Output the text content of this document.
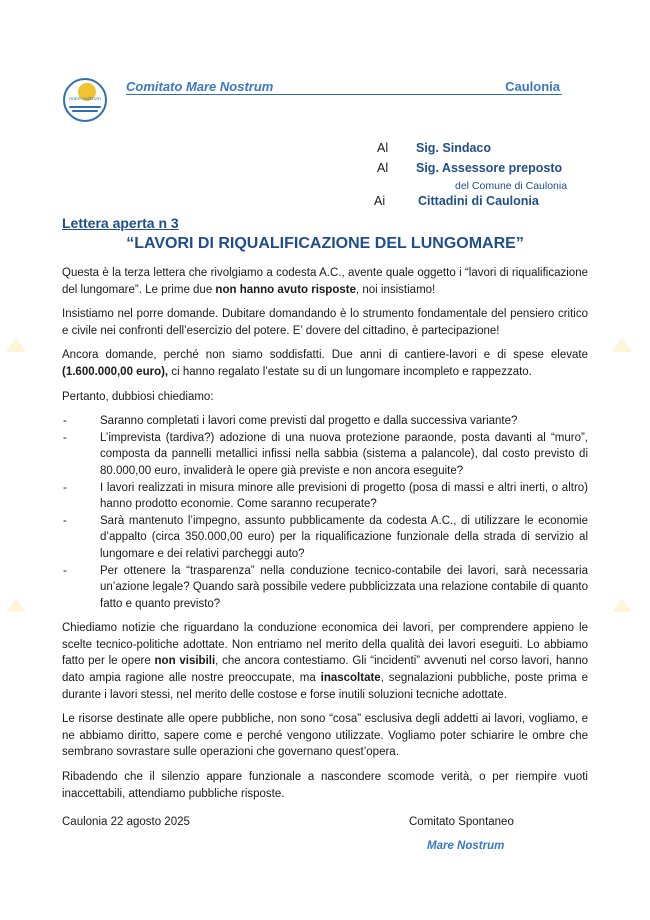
mare nostrum
Comitato Mare Nostrum	Caulonia
Al Sig. Sindaco
Al Sig. Assessore preposto
del Comune di Caulonia
Ai	Cittadini di Caulonia
Lettera aperta n 3
“LAVORI DI RIQUALIFICAZIONE DEL LUNGOMARE”

Questa è la terza lettera che rivolgiamo a codesta A.C., avente quale oggetto i “lavori di riqualificazione del lungomare”. Le prime due non hanno avuto risposte, noi insistiamo!

Insistiamo nel porre domande. Dubitare domandando è lo strumento fondamentale del pensiero critico e civile nei confronti dell’esercizio del potere. E’ dovere del cittadino, è partecipazione!

Ancora domande, perché non siamo soddisfatti. Due anni di cantiere-lavori e di spese elevate (1.600.000,00 euro), ci hanno regalato l’estate su di un lungomare incompleto e rappezzato.

Pertanto, dubbiosi chiediamo:

- Saranno completati i lavori come previsti dal progetto e dalla successiva variante?
- L’imprevista (tardiva?) adozione di una nuova protezione paraonde, posta davanti al “muro”, composta da pannelli metallici infissi nella sabbia (sistema a palancole), dal costo previsto di 80.000,00 euro, invaliderà le opere già previste e non ancora eseguite?
- I lavori realizzati in misura minore alle previsioni di progetto (posa di massi e altri inerti, o altro) hanno prodotto economie. Come saranno recuperate?
- Sarà mantenuto l’impegno, assunto pubblicamente da codesta A.C., di utilizzare le economie d’appalto (circa 350.000,00 euro) per la riqualificazione funzionale della strada di servizio al lungomare e dei relativi parcheggi auto?
- Per ottenere la “trasparenza” nella conduzione tecnico-contabile dei lavori, sarà necessaria un’azione legale? Quando sarà possibile vedere pubblicizzata una relazione contabile di quanto fatto e quanto previsto?

Chiediamo notizie che riguardano la conduzione economica dei lavori, per comprendere appieno le scelte tecnico-politiche adottate. Non entriamo nel merito della qualità dei lavori eseguiti. Lo abbiamo fatto per le opere non visibili, che ancora contestiamo. Gli “incidenti” avvenuti nel corso lavori, hanno dato ampia ragione alle nostre preoccupate, ma inascoltate, segnalazioni pubbliche, poste prima e durante i lavori stessi, nel merito delle costose e forse inutili soluzioni tecniche adottate.

Le risorse destinate alle opere pubbliche, non sono “cosa” esclusiva degli addetti ai lavori, vogliamo, e ne abbiamo diritto, sapere come e perché vengono utilizzate. Vogliamo poter schiarire le ombre che sembrano sovrastare sulle operazioni che governano quest’opera.

Ribadendo che il silenzio appare funzionale a nascondere scomode verità, o per riempire vuoti inaccettabili, attendiamo pubbliche risposte.

Caulonia 22 agosto 2025	Comitato Spontaneo
Mare Nostrum
